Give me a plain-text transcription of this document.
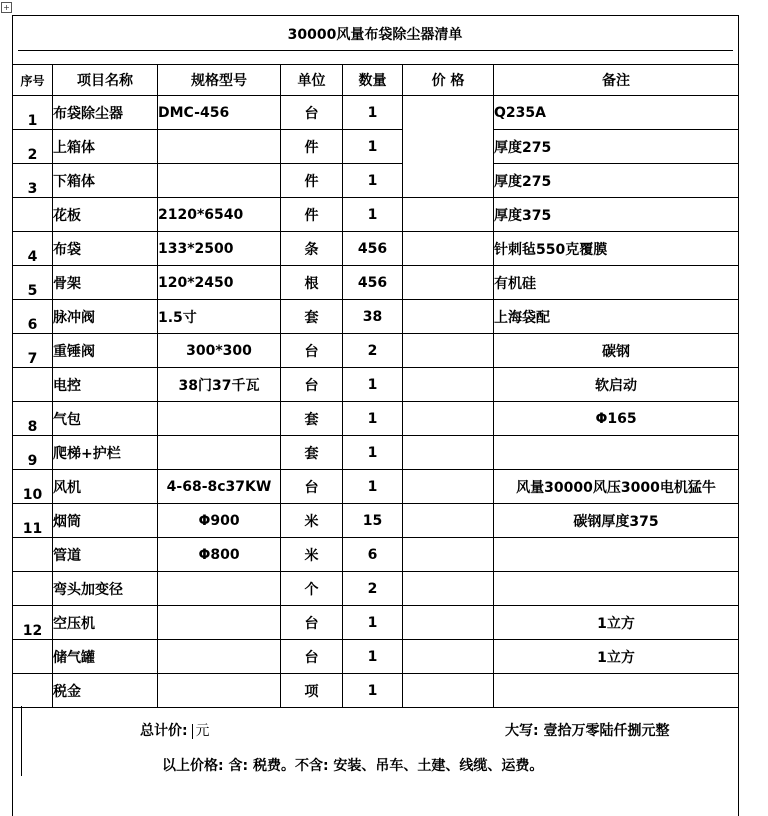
+
30000风量布袋除尘器清单
序号	项目名称	规格型号	单位	数量	价 格	备注
1	布袋除尘器	DMC-456	台	1		Q235A
2	上箱体		件	1		厚度275
3	下箱体		件	1		厚度275
	花板	2120*6540	件	1		厚度375
4	布袋	133*2500	条	456		针刺毡550克覆膜
5	骨架	120*2450	根	456		有机硅
6	脉冲阀	1.5寸	套	38		上海袋配
7	重锤阀	300*300	台	2		碳钢
	电控	38门37千瓦	台	1		软启动
8	气包		套	1		Φ165
9	爬梯+护栏		套	1		
10	风机	4-68-8c37KW	台	1		风量30000风压3000电机猛牛
11	烟筒	Φ900	米	15		碳钢厚度375
	管道	Φ800	米	6		
	弯头加变径		个	2		
12	空压机		台	1		1立方
	储气罐		台	1		1立方
	税金		项	1		
总计价: 元	大写: 壹拾万零陆仟捌元整
以上价格: 含: 税费。不含: 安装、吊车、土建、线缆、运费。
